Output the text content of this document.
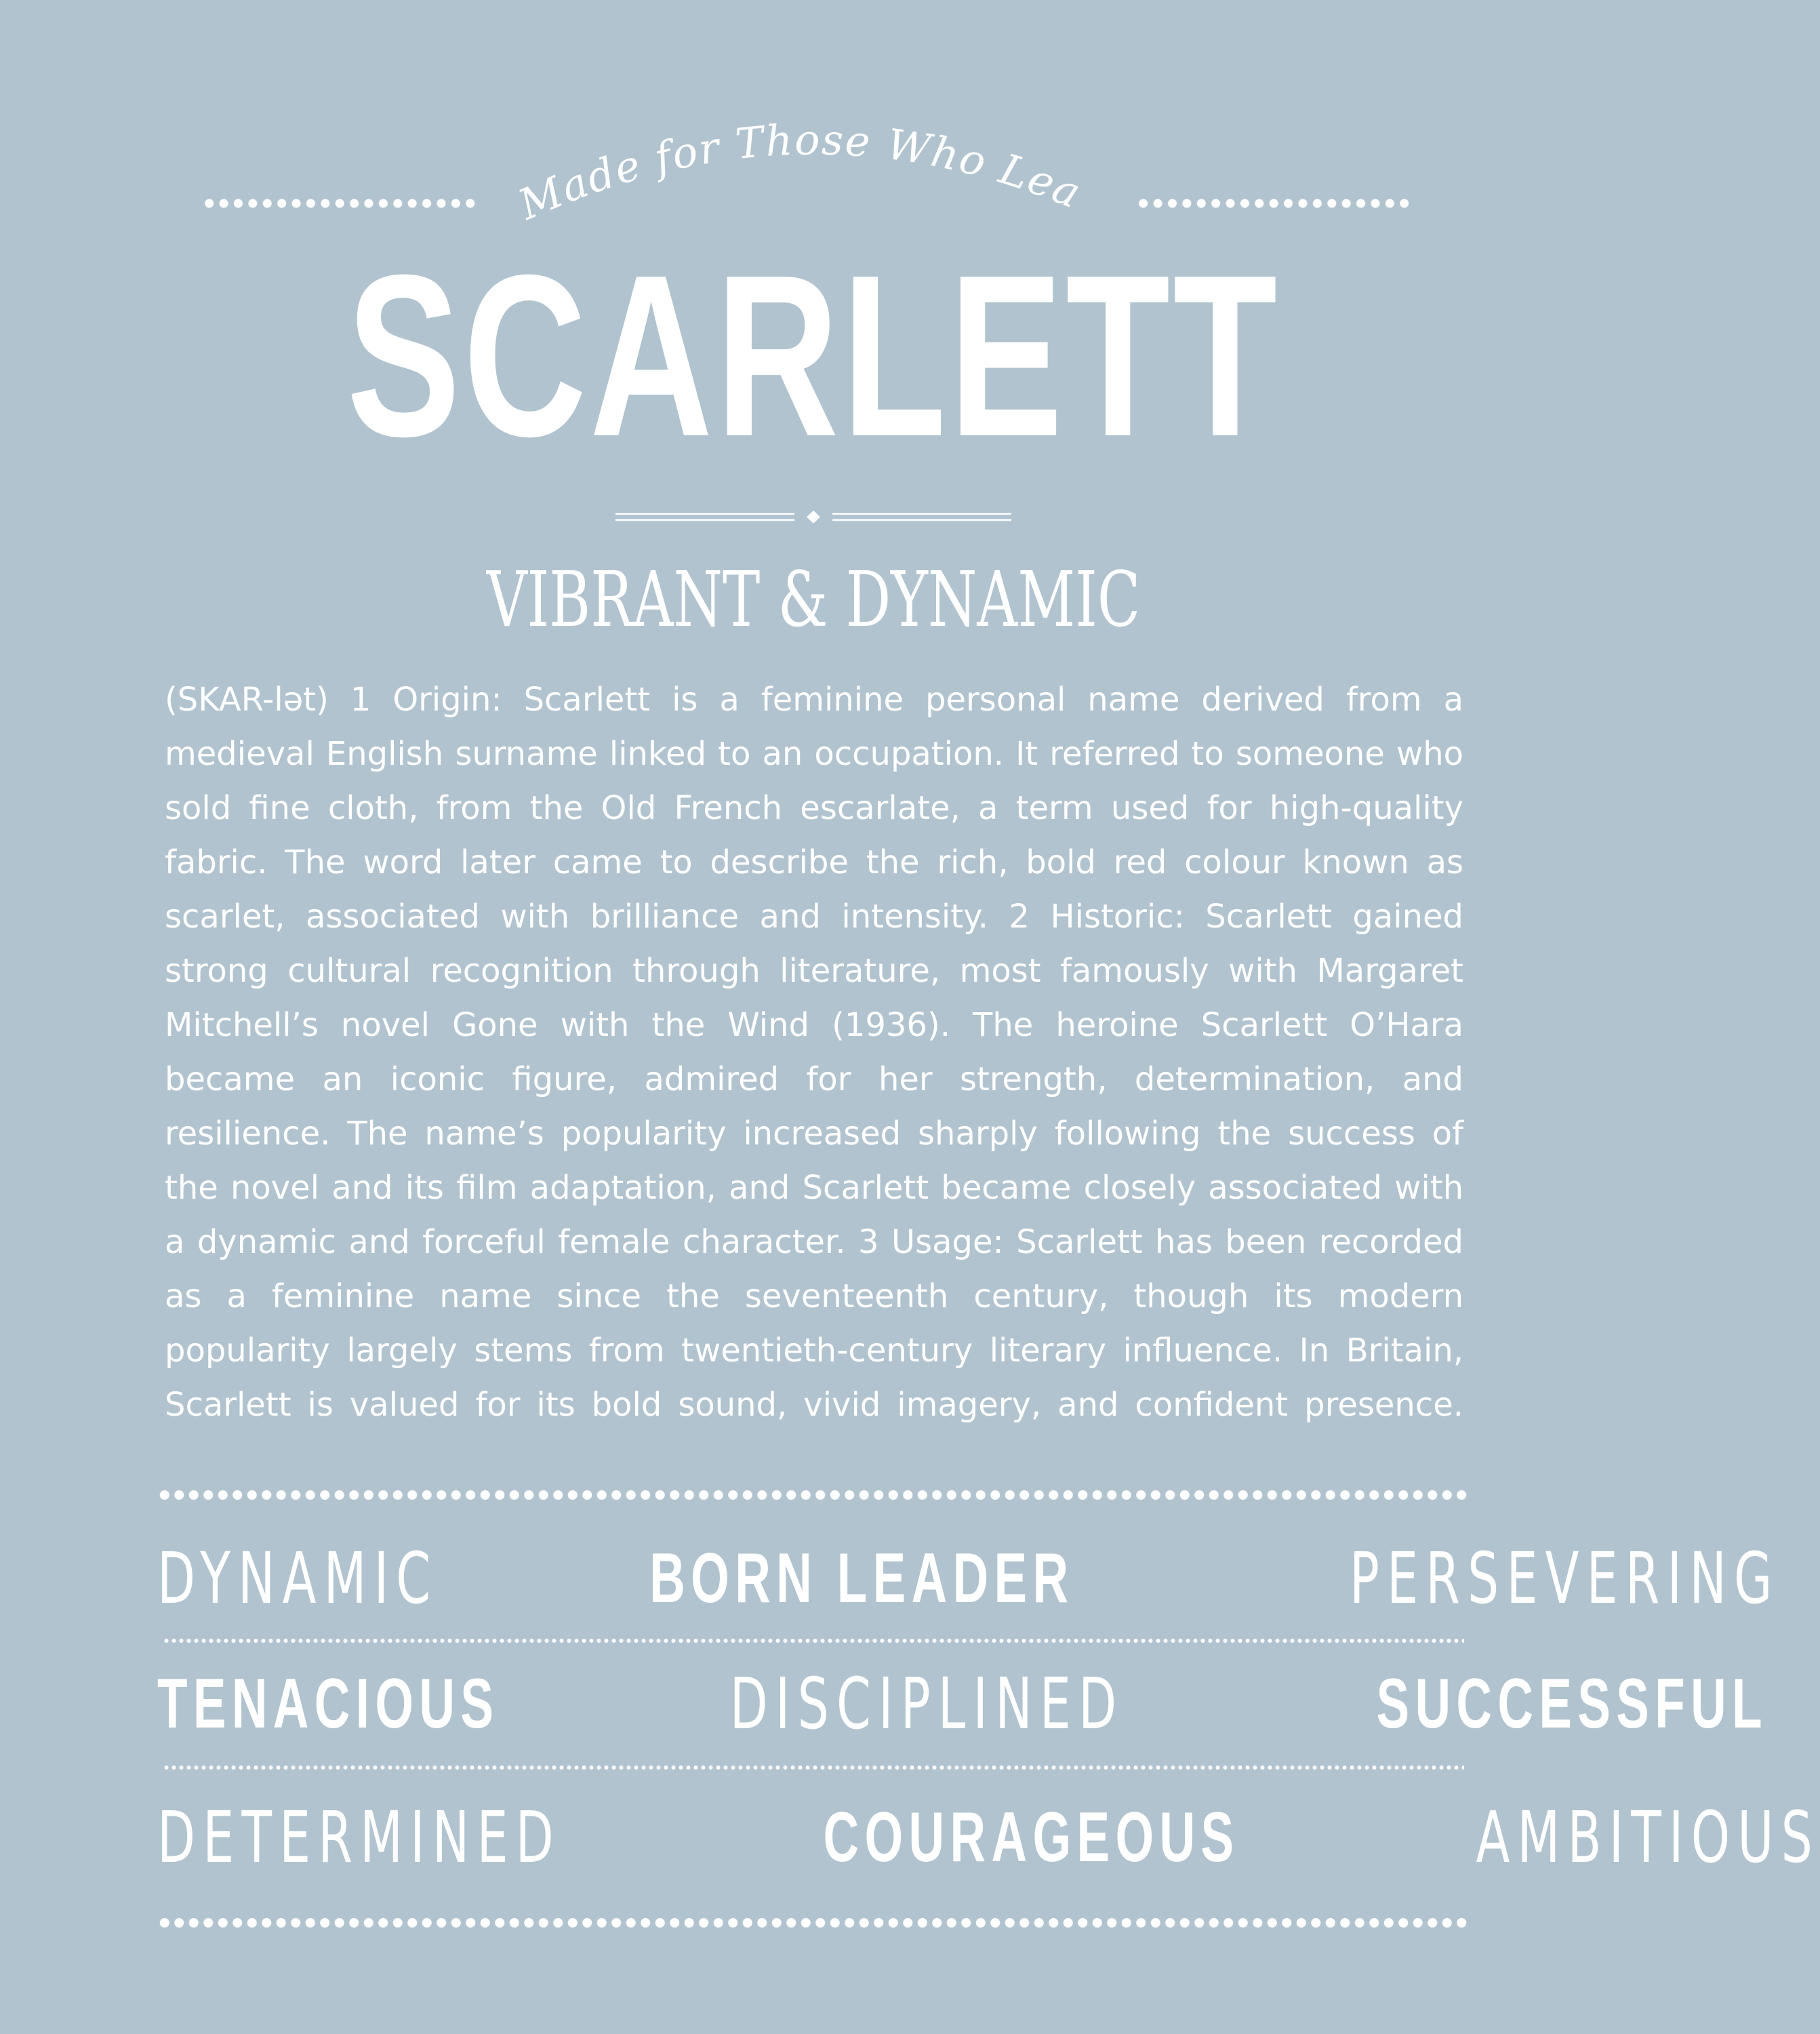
Made for Those Who Lead
SCARLETT
VIBRANT & DYNAMIC

(SKAR-lət) 1 Origin: Scarlett is a feminine personal name derived from a medieval English surname linked to an occupation. It referred to someone who sold fine cloth, from the Old French escarlate, a term used for high-quality fabric. The word later came to describe the rich, bold red colour known as scarlet, associated with brilliance and intensity. 2 Historic: Scarlett gained strong cultural recognition through literature, most famously with Margaret Mitchell’s novel Gone with the Wind (1936). The heroine Scarlett O’Hara became an iconic figure, admired for her strength, determination, and resilience. The name’s popularity increased sharply following the success of the novel and its film adaptation, and Scarlett became closely associated with a dynamic and forceful female character. 3 Usage: Scarlett has been recorded as a feminine name since the seventeenth century, though its modern popularity largely stems from twentieth-century literary influence. In Britain, Scarlett is valued for its bold sound, vivid imagery, and confident presence.

DYNAMIC	BORN LEADER	PERSEVERING
TENACIOUS	DISCIPLINED	SUCCESSFUL
DETERMINED	COURAGEOUS	AMBITIOUS
